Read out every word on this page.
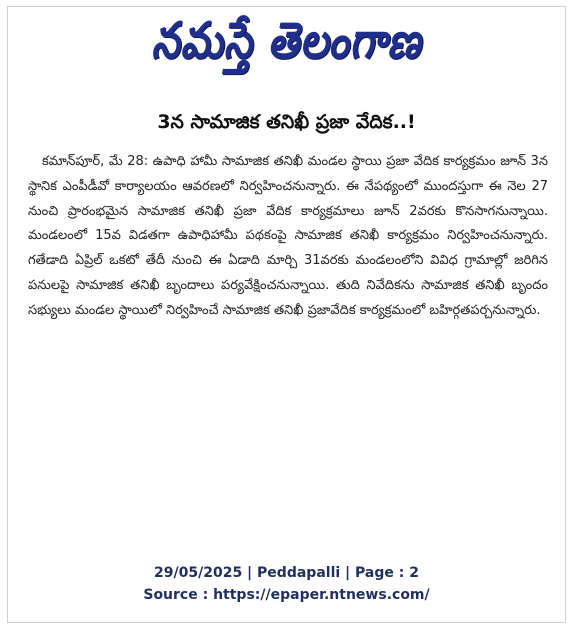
నమస్తే తెలంగాణ
3న సామాజిక తనిఖీ ప్రజా వేదిక..!

కమాన్‌పూర్, మే 28: ఉపాధి హామీ సామాజిక తనిఖీ మండల స్థాయి ప్రజా వేదిక కార్యక్రమం జూన్ 3న స్థానిక ఎంపీడీవో కార్యాలయం ఆవరణలో నిర్వహించనున్నారు. ఈ నేపథ్యంలో ముందస్తుగా ఈ నెల 27 నుంచి ప్రారంభమైన సామాజిక తనిఖీ ప్రజా వేదిక కార్యక్రమాలు జూన్ 2వరకు కొనసాగనున్నాయి. మండలంలో 15వ విడతగా ఉపాధిహామీ పథకంపై సామాజిక తనిఖీ కార్యక్రమం నిర్వహించనున్నారు. గతేడాది ఏప్రిల్ ఒకటో తేదీ నుంచి ఈ ఏడాది మార్చి 31వరకు మండలంలోని వివిధ గ్రామాల్లో జరిగిన పనులపై సామాజిక తనిఖీ బృందాలు పర్యవేక్షించనున్నాయి. తుది నివేదికను సామాజిక తనిఖీ బృందం సభ్యులు మండల స్థాయిలో నిర్వహించే సామాజిక తనిఖీ ప్రజావేదిక కార్యక్రమంలో బహిర్గతపర్చనున్నారు.

29/05/2025 | Peddapalli | Page : 2
Source : https://epaper.ntnews.com/
